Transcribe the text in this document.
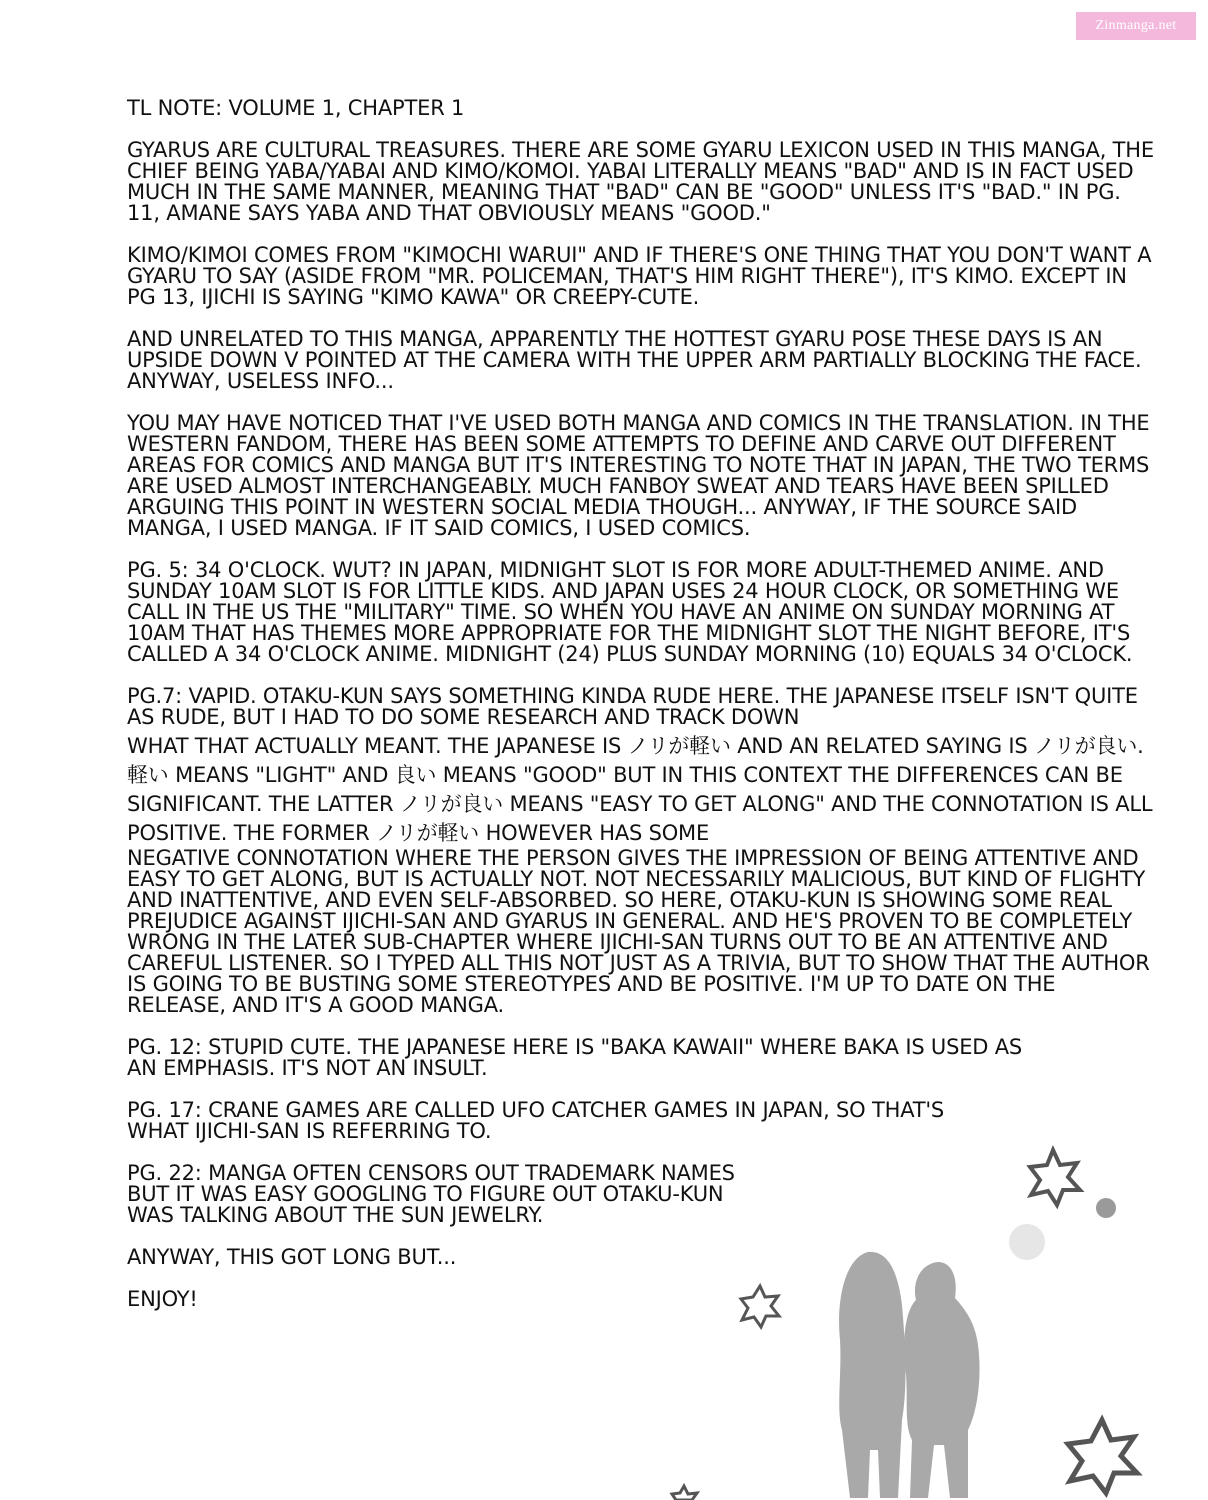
Zinmanga.net

TL NOTE: VOLUME 1, CHAPTER 1

GYARUS ARE CULTURAL TREASURES. THERE ARE SOME GYARU LEXICON USED IN THIS MANGA, THE CHIEF BEING YABA/YABAI AND KIMO/KOMOI. YABAI LITERALLY MEANS "BAD" AND IS IN FACT USED MUCH IN THE SAME MANNER, MEANING THAT "BAD" CAN BE "GOOD" UNLESS IT'S "BAD." IN PG. 11, AMANE SAYS YABA AND THAT OBVIOUSLY MEANS "GOOD."

KIMO/KIMOI COMES FROM "KIMOCHI WARUI" AND IF THERE'S ONE THING THAT YOU DON'T WANT A GYARU TO SAY (ASIDE FROM "MR. POLICEMAN, THAT'S HIM RIGHT THERE"), IT'S KIMO. EXCEPT IN PG 13, IJICHI IS SAYING "KIMO KAWA" OR CREEPY-CUTE.

AND UNRELATED TO THIS MANGA, APPARENTLY THE HOTTEST GYARU POSE THESE DAYS IS AN UPSIDE DOWN V POINTED AT THE CAMERA WITH THE UPPER ARM PARTIALLY BLOCKING THE FACE. ANYWAY, USELESS INFO...

YOU MAY HAVE NOTICED THAT I'VE USED BOTH MANGA AND COMICS IN THE TRANSLATION. IN THE WESTERN FANDOM, THERE HAS BEEN SOME ATTEMPTS TO DEFINE AND CARVE OUT DIFFERENT AREAS FOR COMICS AND MANGA BUT IT'S INTERESTING TO NOTE THAT IN JAPAN, THE TWO TERMS ARE USED ALMOST INTERCHANGEABLY. MUCH FANBOY SWEAT AND TEARS HAVE BEEN SPILLED ARGUING THIS POINT IN WESTERN SOCIAL MEDIA THOUGH... ANYWAY, IF THE SOURCE SAID MANGA, I USED MANGA. IF IT SAID COMICS, I USED COMICS.

PG. 5: 34 O'CLOCK. WUT? IN JAPAN, MIDNIGHT SLOT IS FOR MORE ADULT-THEMED ANIME. AND SUNDAY 10AM SLOT IS FOR LITTLE KIDS. AND JAPAN USES 24 HOUR CLOCK, OR SOMETHING WE CALL IN THE US THE "MILITARY" TIME. SO WHEN YOU HAVE AN ANIME ON SUNDAY MORNING AT 10AM THAT HAS THEMES MORE APPROPRIATE FOR THE MIDNIGHT SLOT THE NIGHT BEFORE, IT'S CALLED A 34 O'CLOCK ANIME. MIDNIGHT (24) PLUS SUNDAY MORNING (10) EQUALS 34 O'CLOCK.

PG.7: VAPID. OTAKU-KUN SAYS SOMETHING KINDA RUDE HERE. THE JAPANESE ITSELF ISN'T QUITE AS RUDE, BUT I HAD TO DO SOME RESEARCH AND TRACK DOWN

WHAT THAT ACTUALLY MEANT. THE JAPANESE IS ノリが軽い AND AN RELATED SAYING IS ノリが良い. 軽い MEANS "LIGHT" AND 良い MEANS "GOOD" BUT IN THIS CONTEXT THE DIFFERENCES CAN BE SIGNIFICANT. THE LATTER ノリが良い MEANS "EASY TO GET ALONG" AND THE CONNOTATION IS ALL POSITIVE. THE FORMER ノリが軽い HOWEVER HAS SOME

NEGATIVE CONNOTATION WHERE THE PERSON GIVES THE IMPRESSION OF BEING ATTENTIVE AND EASY TO GET ALONG, BUT IS ACTUALLY NOT. NOT NECESSARILY MALICIOUS, BUT KIND OF FLIGHTY AND INATTENTIVE, AND EVEN SELF-ABSORBED. SO HERE, OTAKU-KUN IS SHOWING SOME REAL PREJUDICE AGAINST IJICHI-SAN AND GYARUS IN GENERAL. AND HE'S PROVEN TO BE COMPLETELY WRONG IN THE LATER SUB-CHAPTER WHERE IJICHI-SAN TURNS OUT TO BE AN ATTENTIVE AND CAREFUL LISTENER. SO I TYPED ALL THIS NOT JUST AS A TRIVIA, BUT TO SHOW THAT THE AUTHOR IS GOING TO BE BUSTING SOME STEREOTYPES AND BE POSITIVE. I'M UP TO DATE ON THE RELEASE, AND IT'S A GOOD MANGA.

PG. 12: STUPID CUTE. THE JAPANESE HERE IS "BAKA KAWAII" WHERE BAKA IS USED AS AN EMPHASIS. IT'S NOT AN INSULT.

PG. 17: CRANE GAMES ARE CALLED UFO CATCHER GAMES IN JAPAN, SO THAT'S WHAT IJICHI-SAN IS REFERRING TO.

PG. 22: MANGA OFTEN CENSORS OUT TRADEMARK NAMES BUT IT WAS EASY GOOGLING TO FIGURE OUT OTAKU-KUN WAS TALKING ABOUT THE SUN JEWELRY.

ANYWAY, THIS GOT LONG BUT...

ENJOY!
